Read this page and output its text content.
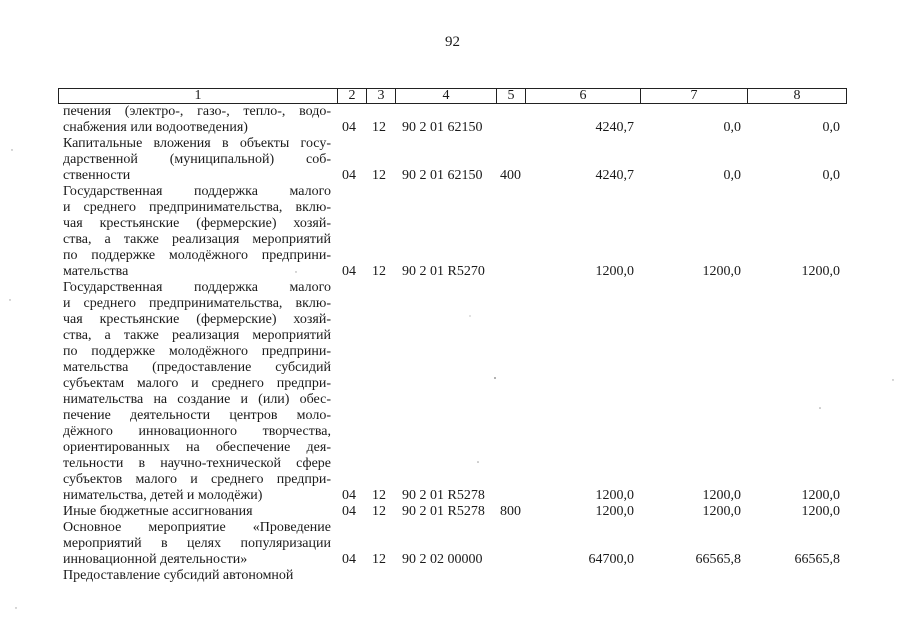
92
1	2	3	4	5	6	7	8
печения (электро-, газо-, тепло-, водо-
снабжения или водоотведения)	04 12 90 2 01 62150	4240,7	0,0	0,0
Капитальные вложения в объекты госу-
дарственной (муниципальной) соб-
ственности	04 12 90 2 01 62150 400	4240,7	0,0	0,0
Государственная поддержка малого
и среднего предпринимательства, вклю-
чая крестьянские (фермерские) хозяй-
ства, а также реализация мероприятий
по поддержке молодёжного предприни-
мательства	04 12 90 2 01 R5270	1200,0	1200,0	1200,0
Государственная поддержка малого
и среднего предпринимательства, вклю-
чая крестьянские (фермерские) хозяй-
ства, а также реализация мероприятий
по поддержке молодёжного предприни-
мательства (предоставление субсидий
субъектам малого и среднего предпри-
нимательства на создание и (или) обес-
печение деятельности центров моло-
дёжного инновационного творчества,
ориентированных на обеспечение дея-
тельности в научно-технической сфере
субъектов малого и среднего предпри-
нимательства, детей и молодёжи)	04 12 90 2 01 R5278	1200,0	1200,0	1200,0
Иные бюджетные ассигнования	04 12 90 2 01 R5278 800	1200,0	1200,0	1200,0
Основное мероприятие «Проведение
мероприятий в целях популяризации
инновационной деятельности»	04 12 90 2 02 00000	64700,0	66565,8	66565,8
Предоставление субсидий автономной
